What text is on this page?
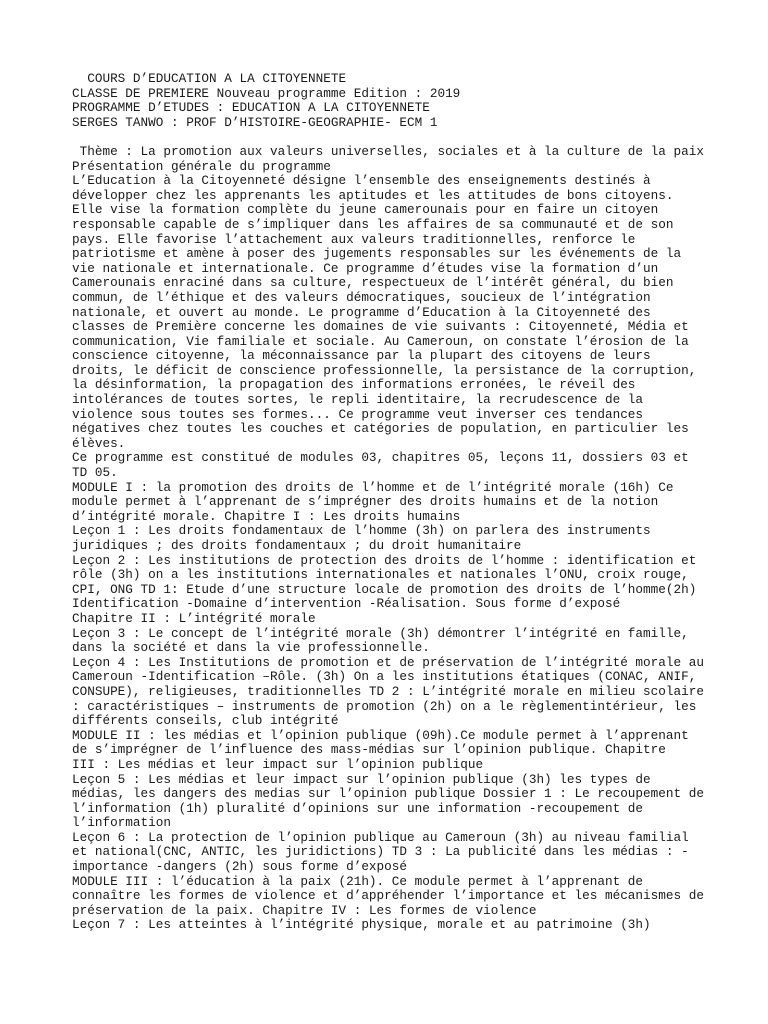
COURS D’EDUCATION A LA CITOYENNETE
CLASSE DE PREMIERE Nouveau programme Edition : 2019
PROGRAMME D’ETUDES : EDUCATION A LA CITOYENNETE
SERGES TANWO : PROF D’HISTOIRE-GEOGRAPHIE- ECM 1
Thème : La promotion aux valeurs universelles, sociales et à la culture de la paix
Présentation générale du programme
L’Education à la Citoyenneté désigne l’ensemble des enseignements destinés à
développer chez les apprenants les aptitudes et les attitudes de bons citoyens.
Elle vise la formation complète du jeune camerounais pour en faire un citoyen
responsable capable de s’impliquer dans les affaires de sa communauté et de son
pays. Elle favorise l’attachement aux valeurs traditionnelles, renforce le
patriotisme et amène à poser des jugements responsables sur les événements de la
vie nationale et internationale. Ce programme d’études vise la formation d’un
Camerounais enraciné dans sa culture, respectueux de l’intérêt général, du bien
commun, de l’éthique et des valeurs démocratiques, soucieux de l’intégration
nationale, et ouvert au monde. Le programme d’Education à la Citoyenneté des
classes de Première concerne les domaines de vie suivants : Citoyenneté, Média et
communication, Vie familiale et sociale. Au Cameroun, on constate l’érosion de la
conscience citoyenne, la méconnaissance par la plupart des citoyens de leurs
droits, le déficit de conscience professionnelle, la persistance de la corruption,
la désinformation, la propagation des informations erronées, le réveil des
intolérances de toutes sortes, le repli identitaire, la recrudescence de la
violence sous toutes ses formes... Ce programme veut inverser ces tendances
négatives chez toutes les couches et catégories de population, en particulier les
élèves.
Ce programme est constitué de modules 03, chapitres 05, leçons 11, dossiers 03 et
TD 05.
MODULE I : la promotion des droits de l’homme et de l’intégrité morale (16h) Ce
module permet à l’apprenant de s’imprégner des droits humains et de la notion
d’intégrité morale. Chapitre I : Les droits humains
Leçon 1 : Les droits fondamentaux de l’homme (3h) on parlera des instruments
juridiques ; des droits fondamentaux ; du droit humanitaire
Leçon 2 : Les institutions de protection des droits de l’homme : identification et
rôle (3h) on a les institutions internationales et nationales l’ONU, croix rouge,
CPI, ONG TD 1: Etude d’une structure locale de promotion des droits de l’homme(2h)
Identification -Domaine d’intervention -Réalisation. Sous forme d’exposé
Chapitre II : L’intégrité morale
Leçon 3 : Le concept de l’intégrité morale (3h) démontrer l’intégrité en famille,
dans la société et dans la vie professionnelle.
Leçon 4 : Les Institutions de promotion et de préservation de l’intégrité morale au
Cameroun -Identification –Rôle. (3h) On a les institutions étatiques (CONAC, ANIF,
CONSUPE), religieuses, traditionnelles TD 2 : L’intégrité morale en milieu scolaire
: caractéristiques – instruments de promotion (2h) on a le règlementintérieur, les
différents conseils, club intégrité
MODULE II : les médias et l’opinion publique (09h).Ce module permet à l’apprenant
de s’imprégner de l’influence des mass-médias sur l’opinion publique. Chapitre
III : Les médias et leur impact sur l’opinion publique
Leçon 5 : Les médias et leur impact sur l’opinion publique (3h) les types de
médias, les dangers des medias sur l’opinion publique Dossier 1 : Le recoupement de
l’information (1h) pluralité d’opinions sur une information -recoupement de
l’information
Leçon 6 : La protection de l’opinion publique au Cameroun (3h) au niveau familial
et national(CNC, ANTIC, les juridictions) TD 3 : La publicité dans les médias : -
importance -dangers (2h) sous forme d’exposé
MODULE III : l’éducation à la paix (21h). Ce module permet à l’apprenant de
connaître les formes de violence et d’appréhender l’importance et les mécanismes de
préservation de la paix. Chapitre IV : Les formes de violence
Leçon 7 : Les atteintes à l’intégrité physique, morale et au patrimoine (3h)
